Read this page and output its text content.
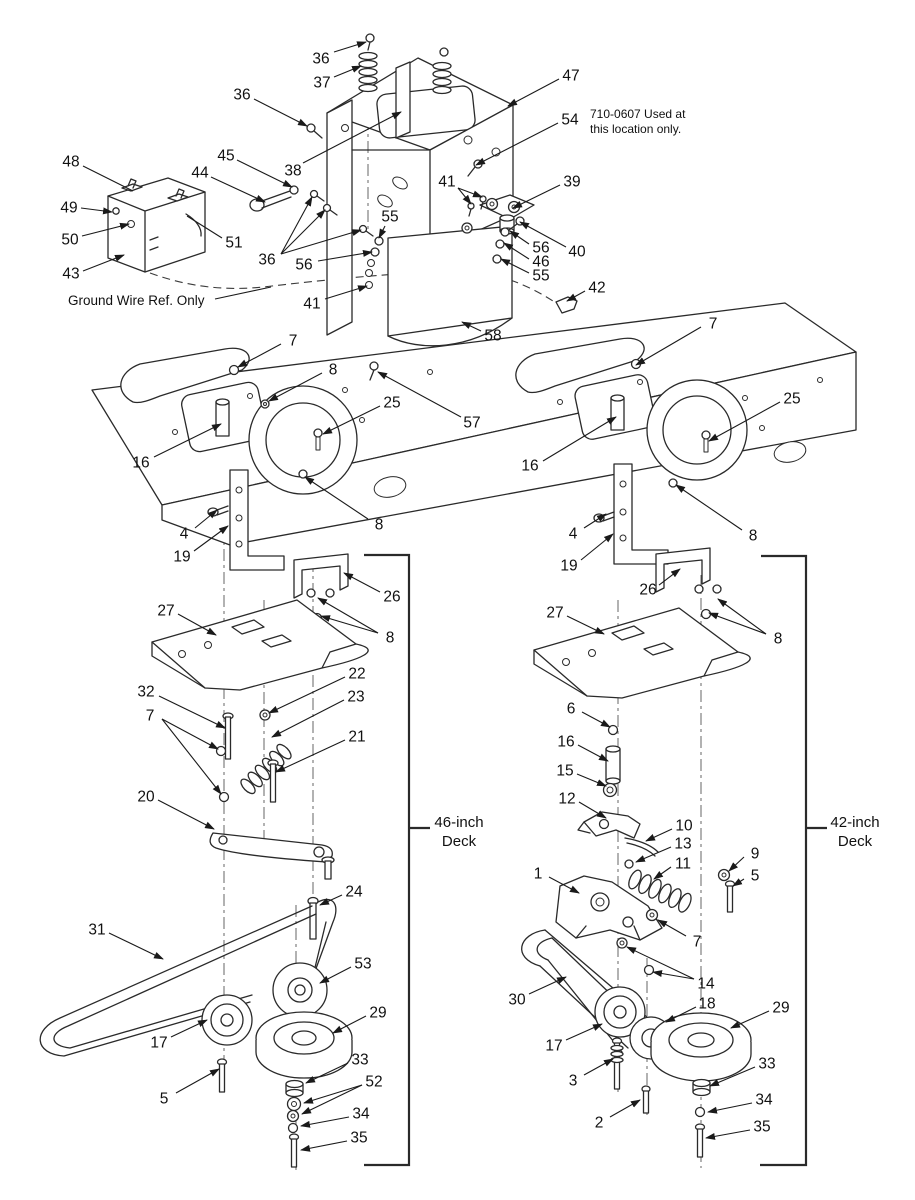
710-0607 Used at
this location only.
Ground Wire Ref. Only
46-inch
Deck
42-inch
Deck
36
37
36
38
47
54
39
41
40
56
46
55
48	45
44
49
50	51
43
36 56
55
42
41
58
7
8
25
57
16
4
19
8
7
25
16
4
19
8
26
27
26
8	8
32
22
23
7
21
20
24
31
53
29
17
5
33
52
34
35
1
6
16
15
12
10
13
11
9
5
7
14
30	18	29
17
3
33
2
34
35
27
